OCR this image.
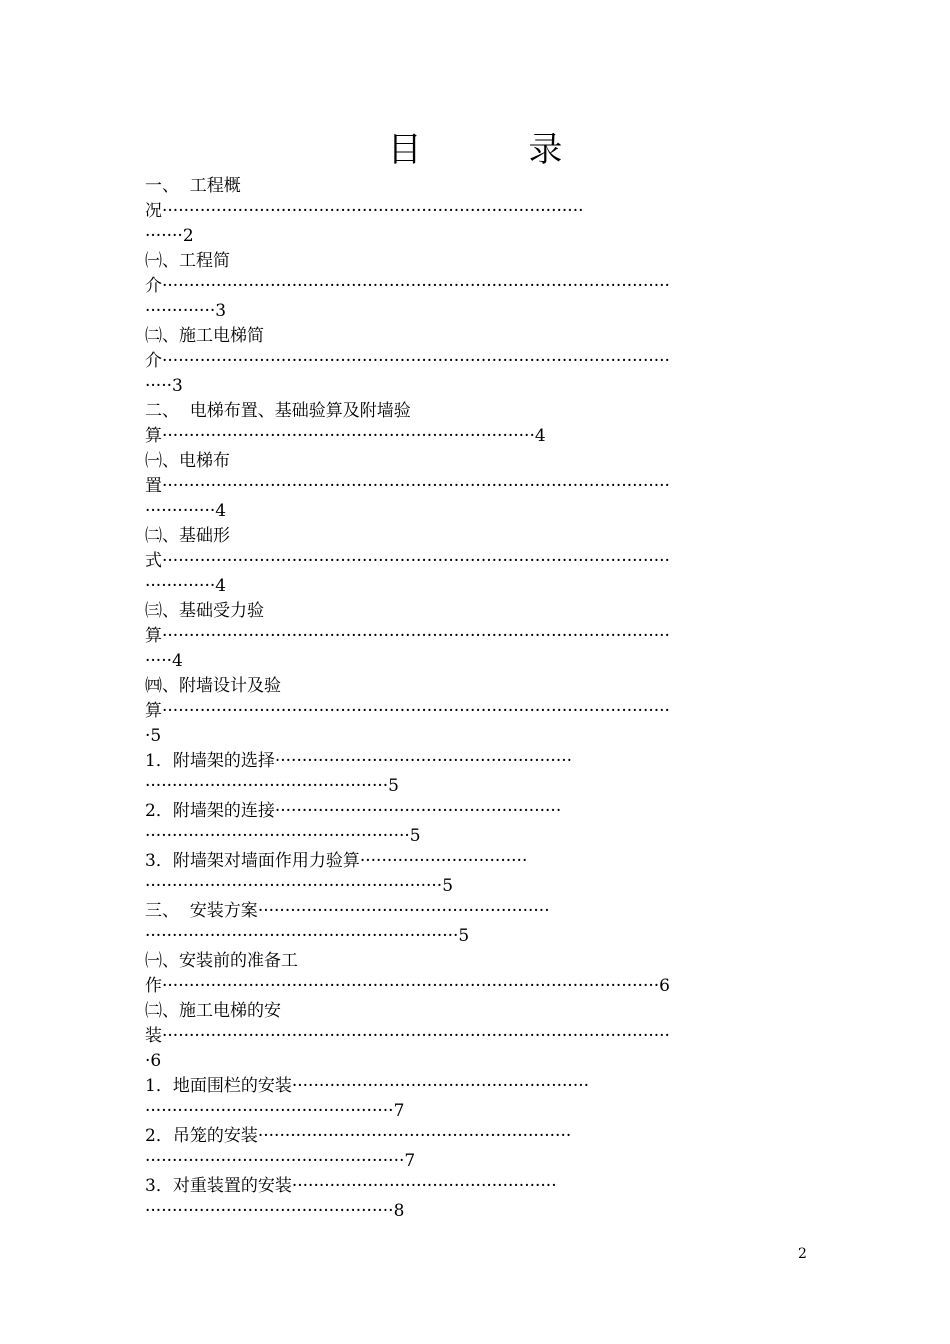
目 录
一、  工程概
况··············································································
·······2
㈠、工程简
介······························································································
·············3
㈡、施工电梯简
介······························································································
·····3
二、  电梯布置、基础验算及附墙验
算·····································································4
㈠、电梯布
置······························································································
·············4
㈡、基础形
式······························································································
·············4
㈢、基础受力验
算······························································································
·····4
㈣、附墙设计及验
算······························································································
·5
1．附墙架的选择·······················································
·············································5
2．附墙架的连接·····················································
·················································5
3．附墙架对墙面作用力验算·······························
·······················································5
三、  安装方案······················································
··························································5
㈠、安装前的准备工
作····························································································6
㈡、施工电梯的安
装······························································································
·6
1．地面围栏的安装·······················································
··············································7
2．吊笼的安装··························································
················································7
3．对重装置的安装·················································
··············································8
2
